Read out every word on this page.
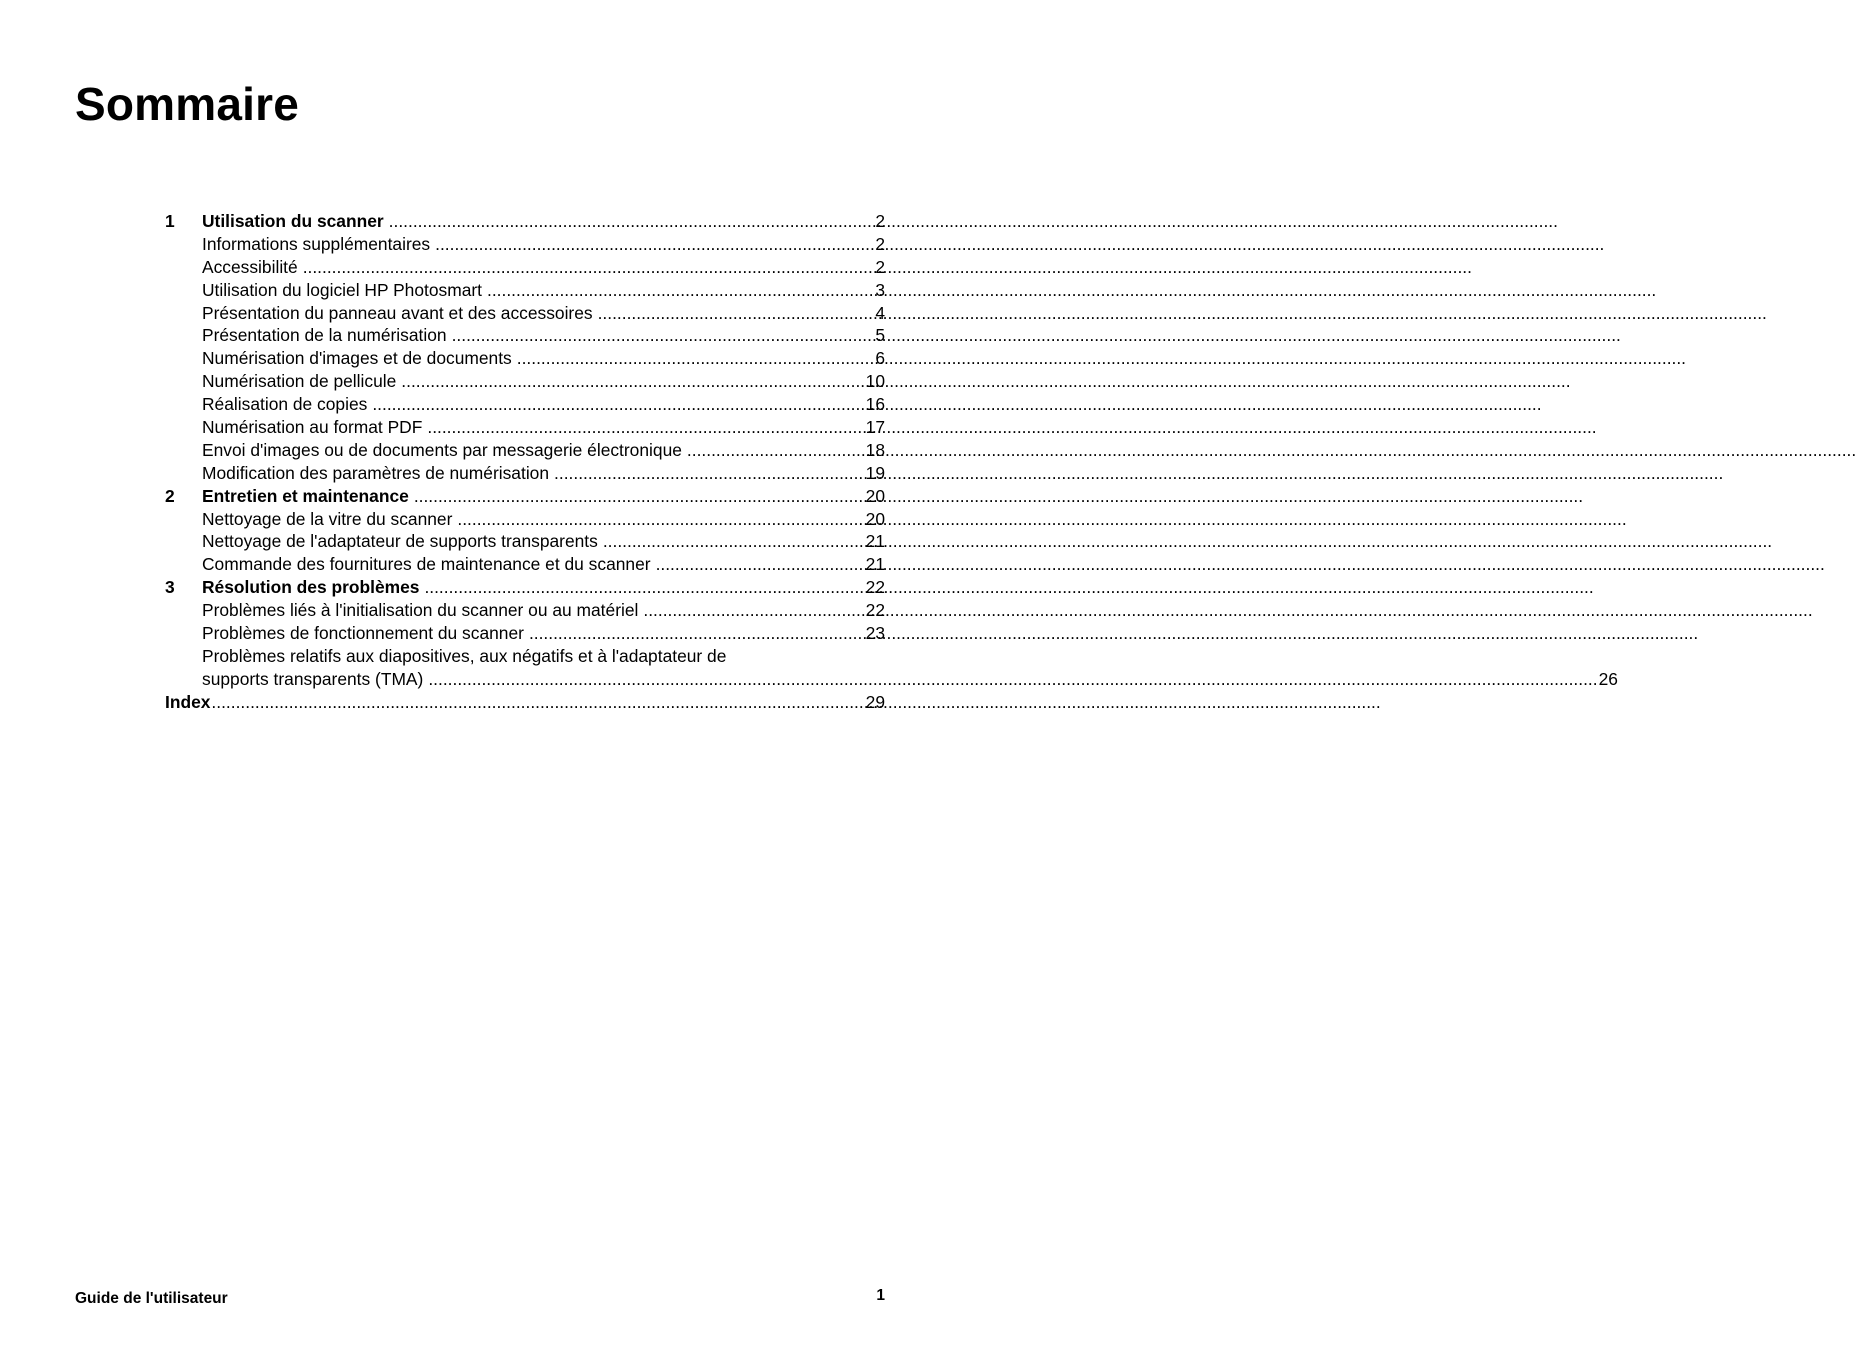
Sommaire
1	Utilisation du scanner .....	2
Informations supplémentaires .....	2
Accessibilité .....	2
Utilisation du logiciel HP Photosmart .....	3
Présentation du panneau avant et des accessoires .....	4
Présentation de la numérisation .....	5
Numérisation d'images et de documents .....	6
Numérisation de pellicule .....	10
Réalisation de copies .....	16
Numérisation au format PDF .....	17
Envoi d'images ou de documents par messagerie électronique .....	18
Modification des paramètres de numérisation .....	19
2	Entretien et maintenance .....	20
Nettoyage de la vitre du scanner .....	20
Nettoyage de l'adaptateur de supports transparents .....	21
Commande des fournitures de maintenance et du scanner .....	21
3	Résolution des problèmes .....	22
Problèmes liés à l'initialisation du scanner ou au matériel .....	22
Problèmes de fonctionnement du scanner .....	23
Problèmes relatifs aux diapositives, aux négatifs et à l'adaptateur de
supports transparents (TMA) .....	26
Index .....	29
Guide de l'utilisateur	1
